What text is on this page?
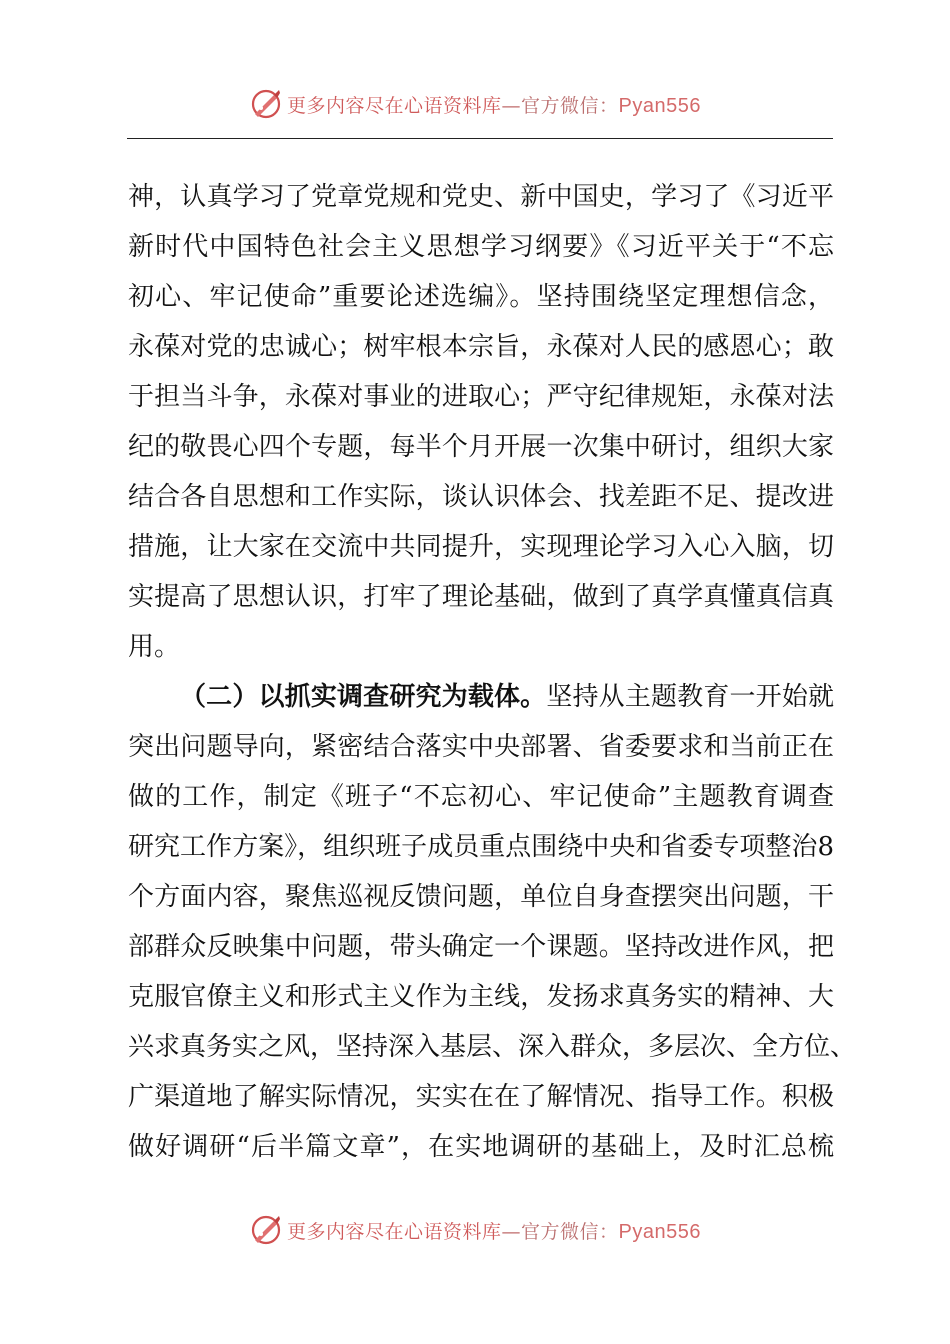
更多内容尽在心语资料库—官方微信：Pyan556
神，认真学习了党章党规和党史、新中国史，学习了《习近平
新时代中国特色社会主义思想学习纲要》《习近平关于“不忘
初心、牢记使命”重要论述选编》。坚持围绕坚定理想信念，
永葆对党的忠诚心；树牢根本宗旨，永葆对人民的感恩心；敢
于担当斗争，永葆对事业的进取心；严守纪律规矩，永葆对法
纪的敬畏心四个专题，每半个月开展一次集中研讨，组织大家
结合各自思想和工作实际，谈认识体会、找差距不足、提改进
措施，让大家在交流中共同提升，实现理论学习入心入脑，切
实提高了思想认识，打牢了理论基础，做到了真学真懂真信真
用。
（二）以抓实调查研究为载体。坚持从主题教育一开始就
突出问题导向，紧密结合落实中央部署、省委要求和当前正在
做的工作，制定《班子“不忘初心、牢记使命”主题教育调查
研究工作方案》，组织班子成员重点围绕中央和省委专项整治8
个方面内容，聚焦巡视反馈问题，单位自身查摆突出问题，干
部群众反映集中问题，带头确定一个课题。坚持改进作风，把
克服官僚主义和形式主义作为主线，发扬求真务实的精神、大
兴求真务实之风，坚持深入基层、深入群众，多层次、全方位、
广渠道地了解实际情况，实实在在了解情况、指导工作。积极
做好调研“后半篇文章”，在实地调研的基础上，及时汇总梳
更多内容尽在心语资料库—官方微信：Pyan556
